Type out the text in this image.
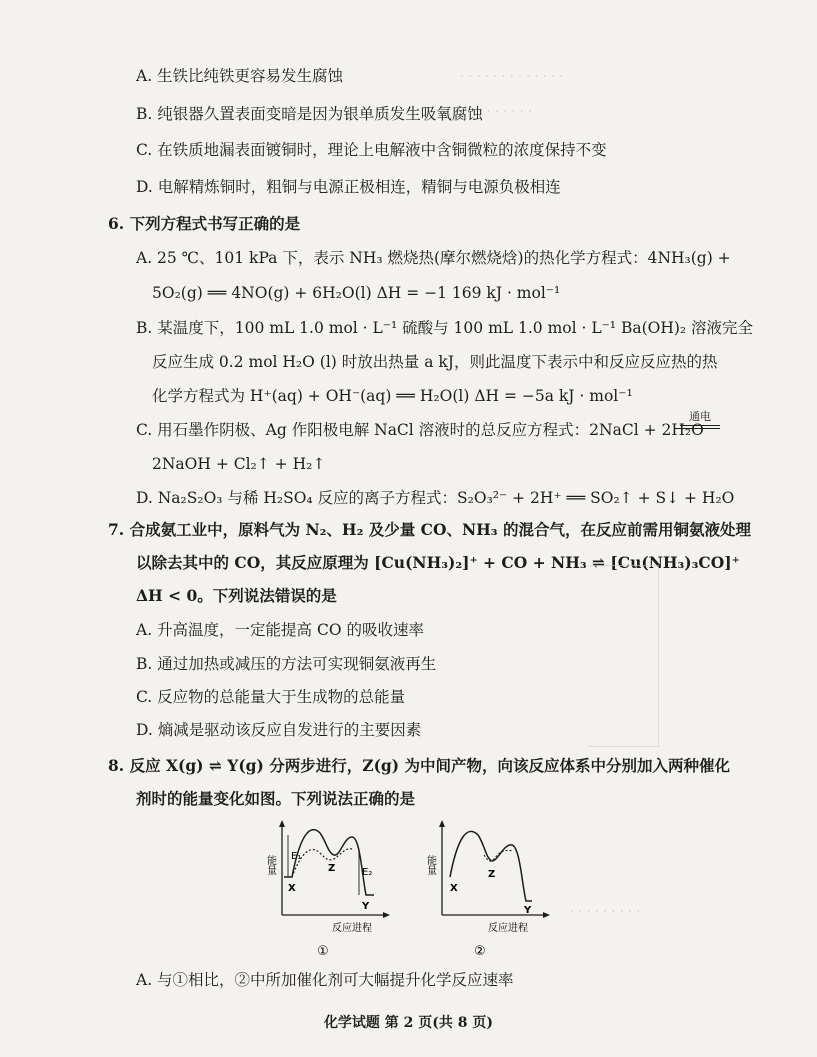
· · · · · · · · · · · · ·
· · · · · · · ·
A. 生铁比纯铁更容易发生腐蚀
B. 纯银器久置表面变暗是因为银单质发生吸氧腐蚀
C. 在铁质地漏表面镀铜时，理论上电解液中含铜微粒的浓度保持不变
D. 电解精炼铜时，粗铜与电源正极相连，精铜与电源负极相连
6. 下列方程式书写正确的是
A. 25 ℃、101 kPa 下，表示 NH₃ 燃烧热(摩尔燃烧焓)的热化学方程式：4NH₃(g) +
5O₂(g) ══ 4NO(g) + 6H₂O(l) ΔH = −1 169 kJ · mol⁻¹
B. 某温度下，100 mL 1.0 mol · L⁻¹ 硫酸与 100 mL 1.0 mol · L⁻¹ Ba(OH)₂ 溶液完全
反应生成 0.2 mol H₂O (l) 时放出热量 a kJ，则此温度下表示中和反应反应热的热
化学方程式为 H⁺(aq) + OH⁻(aq) ══ H₂O(l) ΔH = −5a kJ · mol⁻¹
C. 用石墨作阴极、Ag 作阳极电解 NaCl 溶液时的总反应方程式：2NaCl + 2H₂O
通电
2NaOH + Cl₂↑ + H₂↑
D. Na₂S₂O₃ 与稀 H₂SO₄ 反应的离子方程式：S₂O₃²⁻ + 2H⁺ ══ SO₂↑ + S↓ + H₂O
7. 合成氨工业中，原料气为 N₂、H₂ 及少量 CO、NH₃ 的混合气，在反应前需用铜氨液处理
以除去其中的 CO，其反应原理为 [Cu(NH₃)₂]⁺ + CO + NH₃ ⇌ [Cu(NH₃)₃CO]⁺
ΔH < 0。下列说法错误的是
A. 升高温度，一定能提高 CO 的吸收速率
B. 通过加热或减压的方法可实现铜氨液再生
C. 反应物的总能量大于生成物的总能量
D. 熵减是驱动该反应自发进行的主要因素
8. 反应 X(g) ⇌ Y(g) 分两步进行，Z(g) 为中间产物，向该反应体系中分别加入两种催化
剂时的能量变化如图。下列说法正确的是
能量 E₁
E₂
X
Z
Y
反应进程
①
能量
X
Z
Y
反应进程
②
· · · · · · · · ·
A. 与①相比，②中所加催化剂可大幅提升化学反应速率
化学试题 第 2 页(共 8 页)
